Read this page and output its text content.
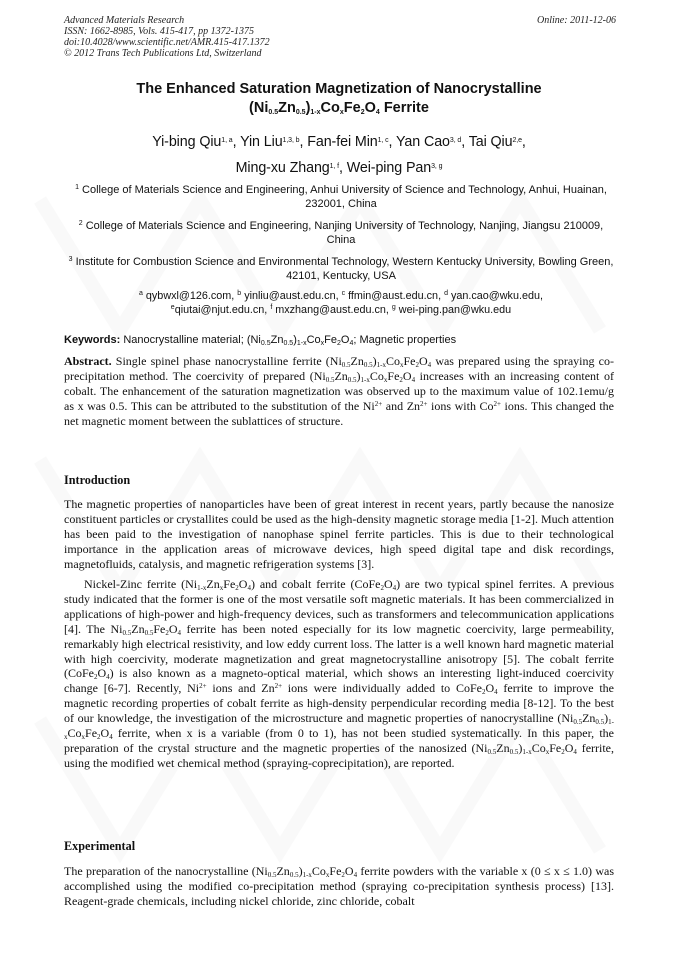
Advanced Materials Research
ISSN: 1662-8985, Vols. 415-417, pp 1372-1375
doi:10.4028/www.scientific.net/AMR.415-417.1372
© 2012 Trans Tech Publications Ltd, Switzerland
Online: 2011-12-06
The Enhanced Saturation Magnetization of Nanocrystalline
$(Ni_{0.5}Zn_{0.5})_{1-x}Co_xFe_2O_4$ Ferrite
Yi-bing Qiu$^{1, a}$, Yin Liu$^{1,3, b}$, Fan-fei Min$^{1, c}$, Yan Cao$^{3, d}$, Tai Qiu$^{2,e}$,
Ming-xu Zhang$^{1, f}$, Wei-ping Pan$^{3, g}$
$^1$ College of Materials Science and Engineering, Anhui University of Science and Technology, Anhui, Huainan, 232001, China
$^2$ College of Materials Science and Engineering, Nanjing University of Technology, Nanjing, Jiangsu 210009, China
$^3$ Institute for Combustion Science and Environmental Technology, Western Kentucky University, Bowling Green, 42101, Kentucky, USA
$^a$ qybwxl@126.com, $^b$ yinliu@aust.edu.cn, $^c$ ffmin@aust.edu.cn, $^d$ yan.cao@wku.edu,
$^e$qiutai@njut.edu.cn, $^f$ mxzhang@aust.edu.cn, $^g$ wei-ping.pan@wku.edu
Keywords: Nanocrystalline material; $(Ni_{0.5}Zn_{0.5})_{1-x}Co_xFe_2O_4$; Magnetic properties
Abstract. Single spinel phase nanocrystalline ferrite $(Ni_{0.5}Zn_{0.5})_{1-x}Co_xFe_2O_4$ was prepared using the spraying co-precipitation method. The coercivity of prepared $(Ni_{0.5}Zn_{0.5})_{1-x}Co_xFe_2O_4$ increases with an increasing content of cobalt. The enhancement of the saturation magnetization was observed up to the maximum value of 102.1emu/g as x was 0.5. This can be attributed to the substitution of the $Ni^{2+}$ and $Zn^{2+}$ ions with $Co^{2+}$ ions. This changed the net magnetic moment between the sublattices of structure.
Introduction
The magnetic properties of nanoparticles have been of great interest in recent years, partly because the nanosize constituent particles or crystallites could be used as the high-density magnetic storage media [1-2]. Much attention has been paid to the investigation of nanophase spinel ferrite particles. This is due to their technological importance in the application areas of microwave devices, high speed digital tape and disk recordings, magnetofluids, catalysis, and magnetic refrigeration systems [3].
Nickel-Zinc ferrite $(Ni_{1-x}Zn_xFe_2O_4)$ and cobalt ferrite $(CoFe_2O_4)$ are two typical spinel ferrites. A previous study indicated that the former is one of the most versatile soft magnetic materials. It has been commercialized in applications of high-power and high-frequency devices, such as transformers and telecommunication applications [4]. The $Ni_{0.5}Zn_{0.5}Fe_2O_4$ ferrite has been noted especially for its low magnetic coercivity, large permeability, remarkably high electrical resistivity, and low eddy current loss. The latter is a well known hard magnetic material with high coercivity, moderate magnetization and great magnetocrystalline anisotropy [5]. The cobalt ferrite $(CoFe_2O_4)$ is also known as a magneto-optical material, which shows an interesting light-induced coercivity change [6-7]. Recently, $Ni^{2+}$ ions and $Zn^{2+}$ ions were individually added to $CoFe_2O_4$ ferrite to improve the magnetic recording properties of cobalt ferrite as high-density perpendicular recording media [8-12]. To the best of our knowledge, the investigation of the microstructure and magnetic properties of nanocrystalline $(Ni_{0.5}Zn_{0.5})_{1-x}Co_xFe_2O_4$ ferrite, when x is a variable (from 0 to 1), has not been studied systematically. In this paper, the preparation of the crystal structure and the magnetic properties of the nanosized $(Ni_{0.5}Zn_{0.5})_{1-x}Co_xFe_2O_4$ ferrite, using the modified wet chemical method (spraying-coprecipitation), are reported.
Experimental
The preparation of the nanocrystalline $(Ni_{0.5}Zn_{0.5})_{1-x}Co_xFe_2O_4$ ferrite powders with the variable x (0 ≤ x ≤ 1.0) was accomplished using the modified co-precipitation method (spraying co-precipitation synthesis process) [13]. Reagent-grade chemicals, including nickel chloride, zinc chloride, cobalt
